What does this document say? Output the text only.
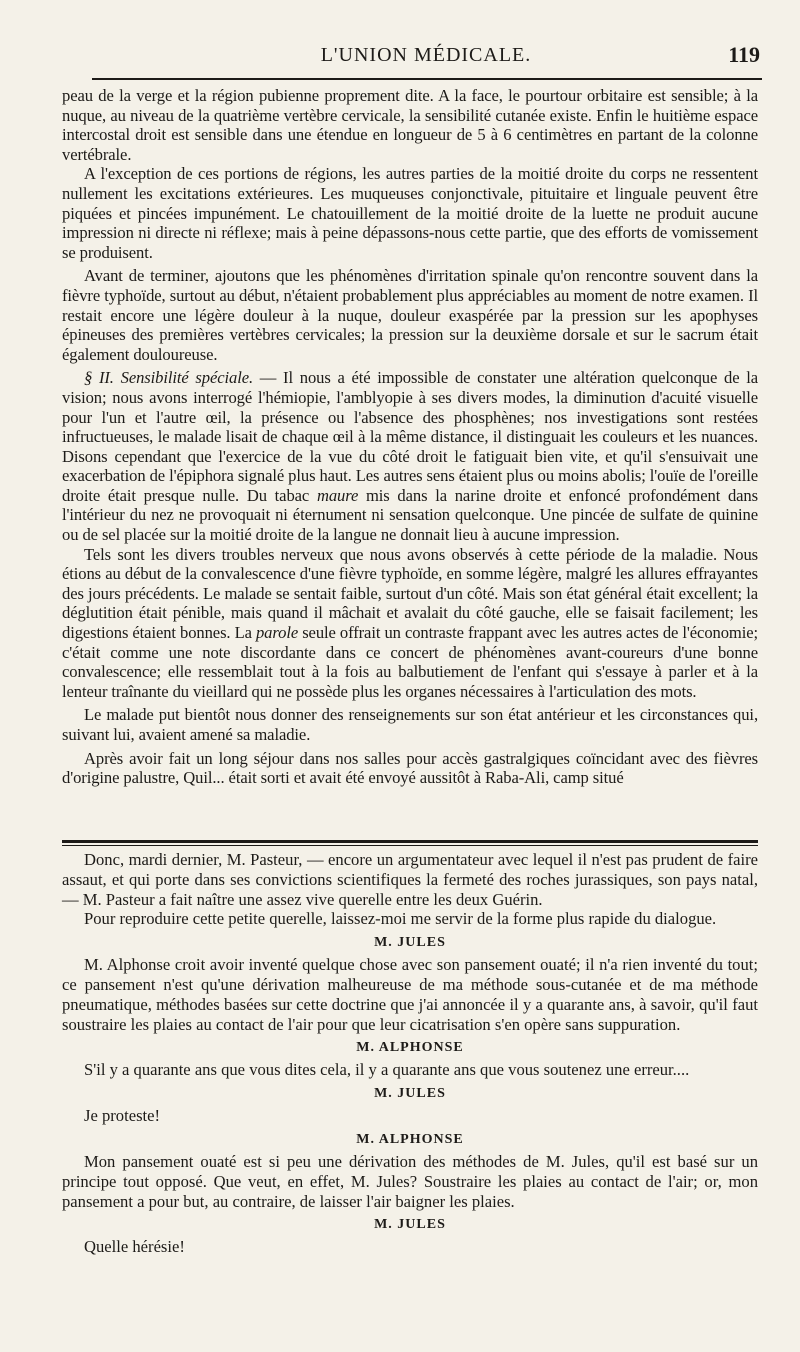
L'UNION MÉDICALE.	119

peau de la verge et la région pubienne proprement dite. A la face, le pourtour orbitaire est sensible; à la nuque, au niveau de la quatrième vertèbre cervicale, la sensibilité cutanée existe. Enfin le huitième espace intercostal droit est sensible dans une étendue en longueur de 5 à 6 centimètres en partant de la colonne vertébrale.

A l'exception de ces portions de régions, les autres parties de la moitié droite du corps ne ressentent nullement les excitations extérieures. Les muqueuses conjonctivale, pituitaire et linguale peuvent être piquées et pincées impunément. Le chatouillement de la moitié droite de la luette ne produit aucune impression ni directe ni réflexe; mais à peine dépassons-nous cette partie, que des efforts de vomissement se produisent.

Avant de terminer, ajoutons que les phénomènes d'irritation spinale qu'on rencontre souvent dans la fièvre typhoïde, surtout au début, n'étaient probablement plus appréciables au moment de notre examen. Il restait encore une légère douleur à la nuque, douleur exaspérée par la pression sur les apophyses épineuses des premières vertèbres cervicales; la pression sur la deuxième dorsale et sur le sacrum était également douloureuse.

§ II. Sensibilité spéciale. — Il nous a été impossible de constater une altération quelconque de la vision; nous avons interrogé l'hémiopie, l'amblyopie à ses divers modes, la diminution d'acuité visuelle pour l'un et l'autre œil, la présence ou l'absence des phosphènes; nos investigations sont restées infructueuses, le malade lisait de chaque œil à la même distance, il distinguait les couleurs et les nuances. Disons cependant que l'exercice de la vue du côté droit le fatiguait bien vite, et qu'il s'ensuivait une exacerbation de l'épiphora signalé plus haut. Les autres sens étaient plus ou moins abolis; l'ouïe de l'oreille droite était presque nulle. Du tabac maure mis dans la narine droite et enfoncé profondément dans l'intérieur du nez ne provoquait ni éternument ni sensation quelconque. Une pincée de sulfate de quinine ou de sel placée sur la moitié droite de la langue ne donnait lieu à aucune impression.

Tels sont les divers troubles nerveux que nous avons observés à cette période de la maladie. Nous étions au début de la convalescence d'une fièvre typhoïde, en somme légère, malgré les allures effrayantes des jours précédents. Le malade se sentait faible, surtout d'un côté. Mais son état général était excellent; la déglutition était pénible, mais quand il mâchait et avalait du côté gauche, elle se faisait facilement; les digestions étaient bonnes. La parole seule offrait un contraste frappant avec les autres actes de l'économie; c'était comme une note discordante dans ce concert de phénomènes avant-coureurs d'une bonne convalescence; elle ressemblait tout à la fois au balbutiement de l'enfant qui s'essaye à parler et à la lenteur traînante du vieillard qui ne possède plus les organes nécessaires à l'articulation des mots.

Le malade put bientôt nous donner des renseignements sur son état antérieur et les circonstances qui, suivant lui, avaient amené sa maladie.

Après avoir fait un long séjour dans nos salles pour accès gastralgiques coïncidant avec des fièvres d'origine palustre, Quil... était sorti et avait été envoyé aussitôt à Raba-Ali, camp situé

Donc, mardi dernier, M. Pasteur, — encore un argumentateur avec lequel il n'est pas prudent de faire assaut, et qui porte dans ses convictions scientifiques la fermeté des roches jurassiques, son pays natal, — M. Pasteur a fait naître une assez vive querelle entre les deux Guérin.

Pour reproduire cette petite querelle, laissez-moi me servir de la forme plus rapide du dialogue.

M. JULES

M. Alphonse croit avoir inventé quelque chose avec son pansement ouaté; il n'a rien inventé du tout; ce pansement n'est qu'une dérivation malheureuse de ma méthode sous-cutanée et de ma méthode pneumatique, méthodes basées sur cette doctrine que j'ai annoncée il y a quarante ans, à savoir, qu'il faut soustraire les plaies au contact de l'air pour que leur cicatrisation s'en opère sans suppuration.

M. ALPHONSE

S'il y a quarante ans que vous dites cela, il y a quarante ans que vous soutenez une erreur....

M. JULES

Je proteste!

M. ALPHONSE

Mon pansement ouaté est si peu une dérivation des méthodes de M. Jules, qu'il est basé sur un principe tout opposé. Que veut, en effet, M. Jules? Soustraire les plaies au contact de l'air; or, mon pansement a pour but, au contraire, de laisser l'air baigner les plaies.

M. JULES

Quelle hérésie!
